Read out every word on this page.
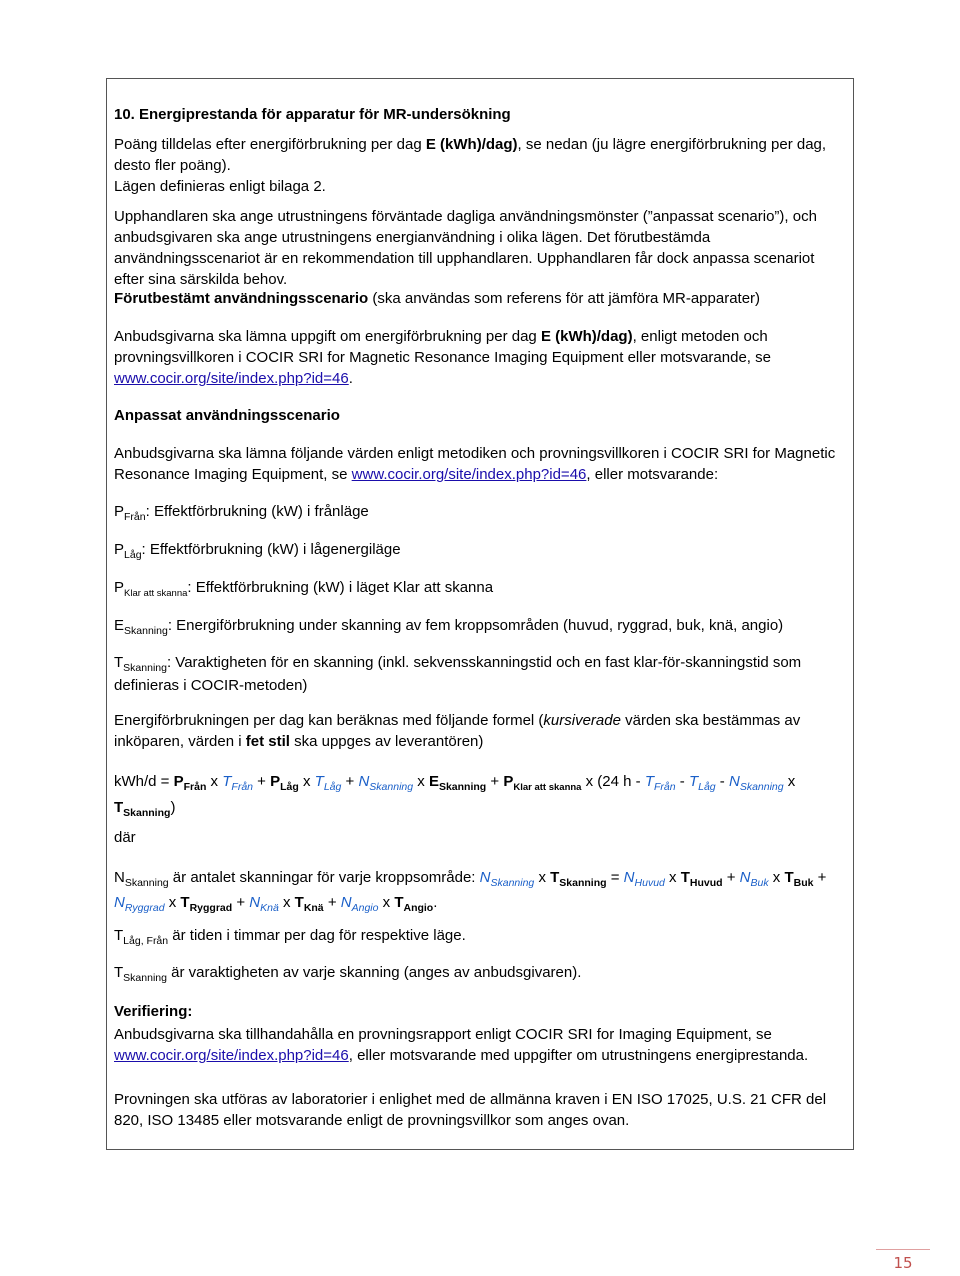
10. Energiprestanda för apparatur för MR-undersökning

Poäng tilldelas efter energiförbrukning per dag E (kWh)/dag), se nedan (ju lägre energiförbrukning per dag, desto fler poäng).

Lägen definieras enligt bilaga 2.

Upphandlaren ska ange utrustningens förväntade dagliga användningsmönster (”anpassat scenario”), och anbudsgivaren ska ange utrustningens energianvändning i olika lägen. Det förutbestämda användningsscenariot är en rekommendation till upphandlaren. Upphandlaren får dock anpassa scenariot efter sina särskilda behov.

Förutbestämt användningsscenario (ska användas som referens för att jämföra MR-apparater)

Anbudsgivarna ska lämna uppgift om energiförbrukning per dag E (kWh)/dag), enligt metoden och provningsvillkoren i COCIR SRI for Magnetic Resonance Imaging Equipment eller motsvarande, se www.cocir.org/site/index.php?id=46.

Anpassat användningsscenario

Anbudsgivarna ska lämna följande värden enligt metodiken och provningsvillkoren i COCIR SRI for Magnetic Resonance Imaging Equipment, se www.cocir.org/site/index.php?id=46, eller motsvarande:

$P_{Från}$: Effektförbrukning (kW) i frånläge

$P_{Låg}$: Effektförbrukning (kW) i lågenergiläge

$P_{Klar att skanna}$: Effektförbrukning (kW) i läget Klar att skanna

$E_{Skanning}$: Energiförbrukning under skanning av fem kroppsområden (huvud, ryggrad, buk, knä, angio)

$T_{Skanning}$: Varaktigheten för en skanning (inkl. sekvensskanningstid och en fast klar-för-skanningstid som definieras i COCIR-metoden)

Energiförbrukningen per dag kan beräknas med följande formel (kursiverade värden ska bestämmas av inköparen, värden i fet stil ska uppges av leverantören)

$kWh/d = P_{Från}$ x $T_{Från} + P_{Låg}$ x $T_{Låg} + N_{Skanning}$ x $E_{Skanning} + P_{Klar att skanna}$ x (24 h - $T_{Från} - T_{Låg} - N_{Skanning}$ x $T_{Skanning}$)

där

$N_{Skanning}$ är antalet skanningar för varje kroppsområde: $N_{Skanning}$ x $T_{Skanning} = N_{Huvud}$ x $T_{Huvud} + N_{Buk}$ x $T_{Buk} + N_{Ryggrad}$ x $T_{Ryggrad} + N_{Knä}$ x $T_{Knä} + N_{Angio}$ x $T_{Angio}$.

$T_{Låg, Från}$ är tiden i timmar per dag för respektive läge.

$T_{Skanning}$ är varaktigheten av varje skanning (anges av anbudsgivaren).

Verifiering:

Anbudsgivarna ska tillhandahålla en provningsrapport enligt COCIR SRI for Imaging Equipment, se www.cocir.org/site/index.php?id=46, eller motsvarande med uppgifter om utrustningens energiprestanda.

Provningen ska utföras av laboratorier i enlighet med de allmänna kraven i EN ISO 17025, U.S. 21 CFR del 820, ISO 13485 eller motsvarande enligt de provningsvillkor som anges ovan.

15
